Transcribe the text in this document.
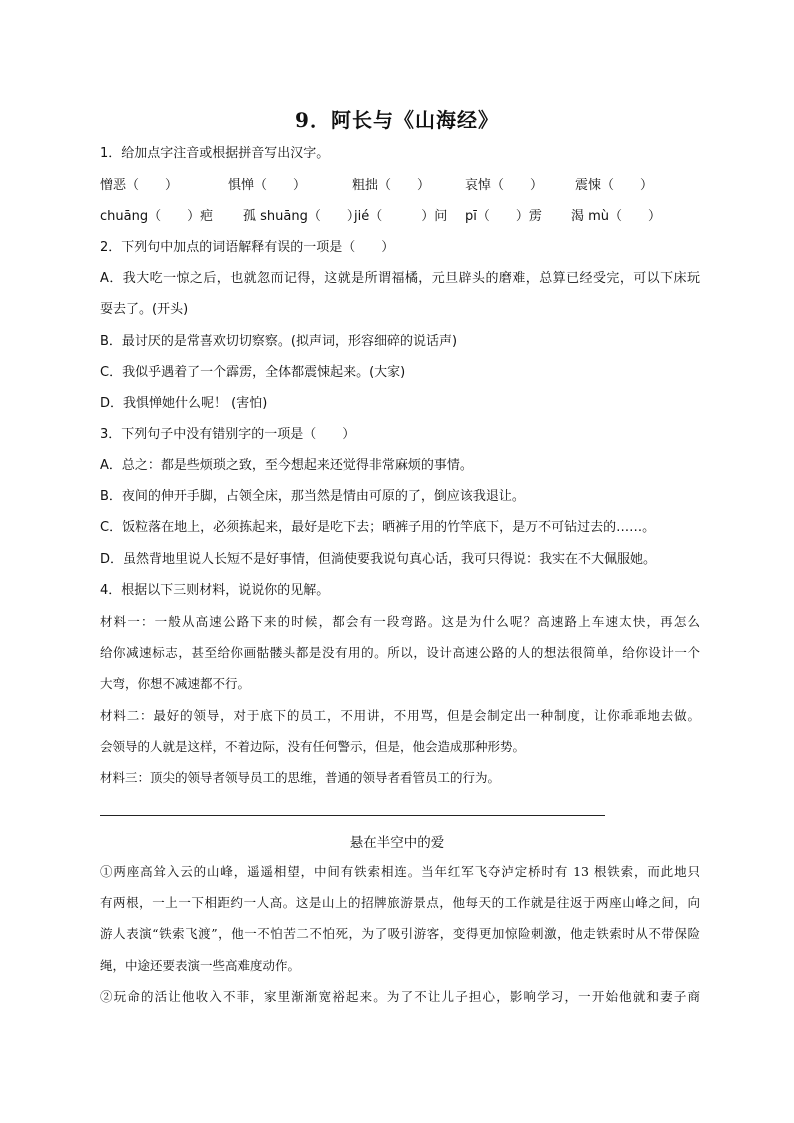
9．阿长与《山海经》
1．给加点字注音或根据拼音写出汉字。
憎恶（　　）	惧惮（　　）	粗拙（　　）	哀悼（　　） 震悚（　　）
chuāng（　　）疤 孤 shuāng（　　）
jié（　　　）问 pī（　　）雳 渴 mù（　　）
2．下列句中加点的词语解释有误的一项是（　　）
A．我大吃一惊之后，也就忽而记得，这就是所谓福橘，元旦辟头的磨难，总算已经受完，可以下床玩
耍去了。(开头)
B．最讨厌的是常喜欢切切察察。(拟声词，形容细碎的说话声)
C．我似乎遇着了一个霹雳，全体都震悚起来。(大家)
D．我惧惮她什么呢！ (害怕)
3．下列句子中没有错别字的一项是（　　）
A．总之：都是些烦琐之致，至今想起来还觉得非常麻烦的事情。
B．夜间的伸开手脚，占领全床，那当然是情由可原的了，倒应该我退让。
C．饭粒落在地上，必须拣起来，最好是吃下去；晒裤子用的竹竿底下，是万不可钻过去的……。
D．虽然背地里说人长短不是好事情，但淌使要我说句真心话，我可只得说：我实在不大佩服她。
4．根据以下三则材料，说说你的见解。
材料一：一般从高速公路下来的时候，都会有一段弯路。这是为什么呢？高速路上车速太快，再怎么
给你减速标志，甚至给你画骷髅头都是没有用的。所以，设计高速公路的人的想法很简单，给你设计一个
大弯，你想不减速都不行。
材料二：最好的领导，对于底下的员工，不用讲，不用骂，但是会制定出一种制度，让你乖乖地去做。
会领导的人就是这样，不着边际，没有任何警示，但是，他会造成那种形势。
材料三：顶尖的领导者领导员工的思维，普通的领导者看管员工的行为。
悬在半空中的爱
①两座高耸入云的山峰，遥遥相望，中间有铁索相连。当年红军飞夺泸定桥时有 13 根铁索，而此地只
有两根，一上一下相距约一人高。这是山上的招牌旅游景点，他每天的工作就是往返于两座山峰之间，向
游人表演“铁索飞渡”，他一不怕苦二不怕死，为了吸引游客，变得更加惊险刺激，他走铁索时从不带保险
绳，中途还要表演一些高难度动作。
②玩命的活让他收入不菲，家里渐渐宽裕起来。为了不让儿子担心，影响学习，一开始他就和妻子商
